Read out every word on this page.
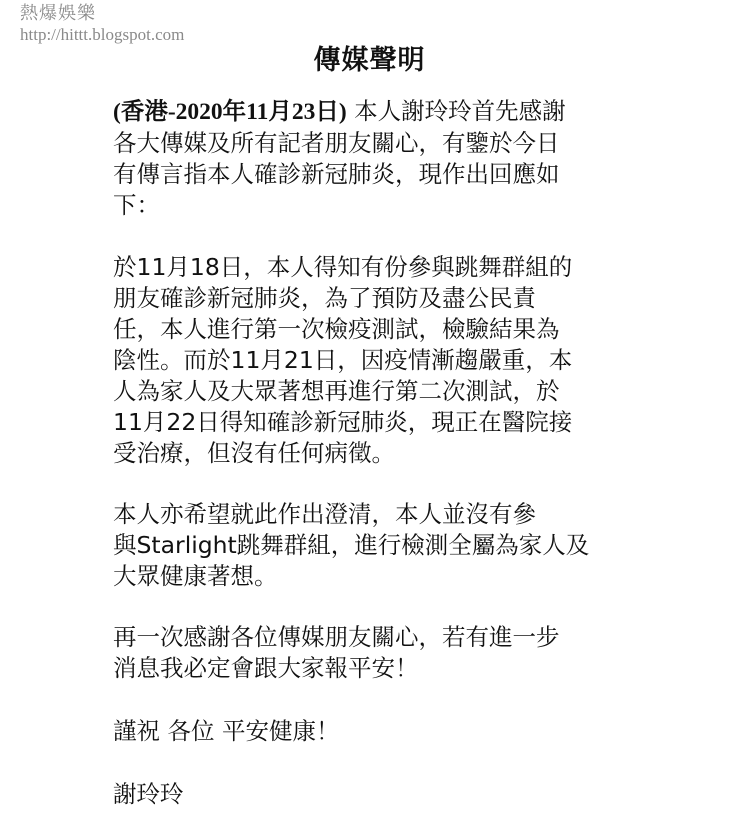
熱爆娛樂
http://hittt.blogspot.com
傳媒聲明

(香港-2020年11月23日) 本人謝玲玲首先感謝
各大傳媒及所有記者朋友關心，有鑒於今日
有傳言指本人確診新冠肺炎，現作出回應如
下：

於11月18日，本人得知有份參與跳舞群組的
朋友確診新冠肺炎，為了預防及盡公民責
任，本人進行第一次檢疫測試，檢驗結果為
陰性。而於11月21日，因疫情漸趨嚴重，本
人為家人及大眾著想再進行第二次測試，於
11月22日得知確診新冠肺炎，現正在醫院接
受治療，但沒有任何病徵。

本人亦希望就此作出澄清，本人並沒有參
與Starlight跳舞群組，進行檢測全屬為家人及
大眾健康著想。

再一次感謝各位傳媒朋友關心，若有進一步
消息我必定會跟大家報平安！

謹祝 各位 平安健康！

謝玲玲
